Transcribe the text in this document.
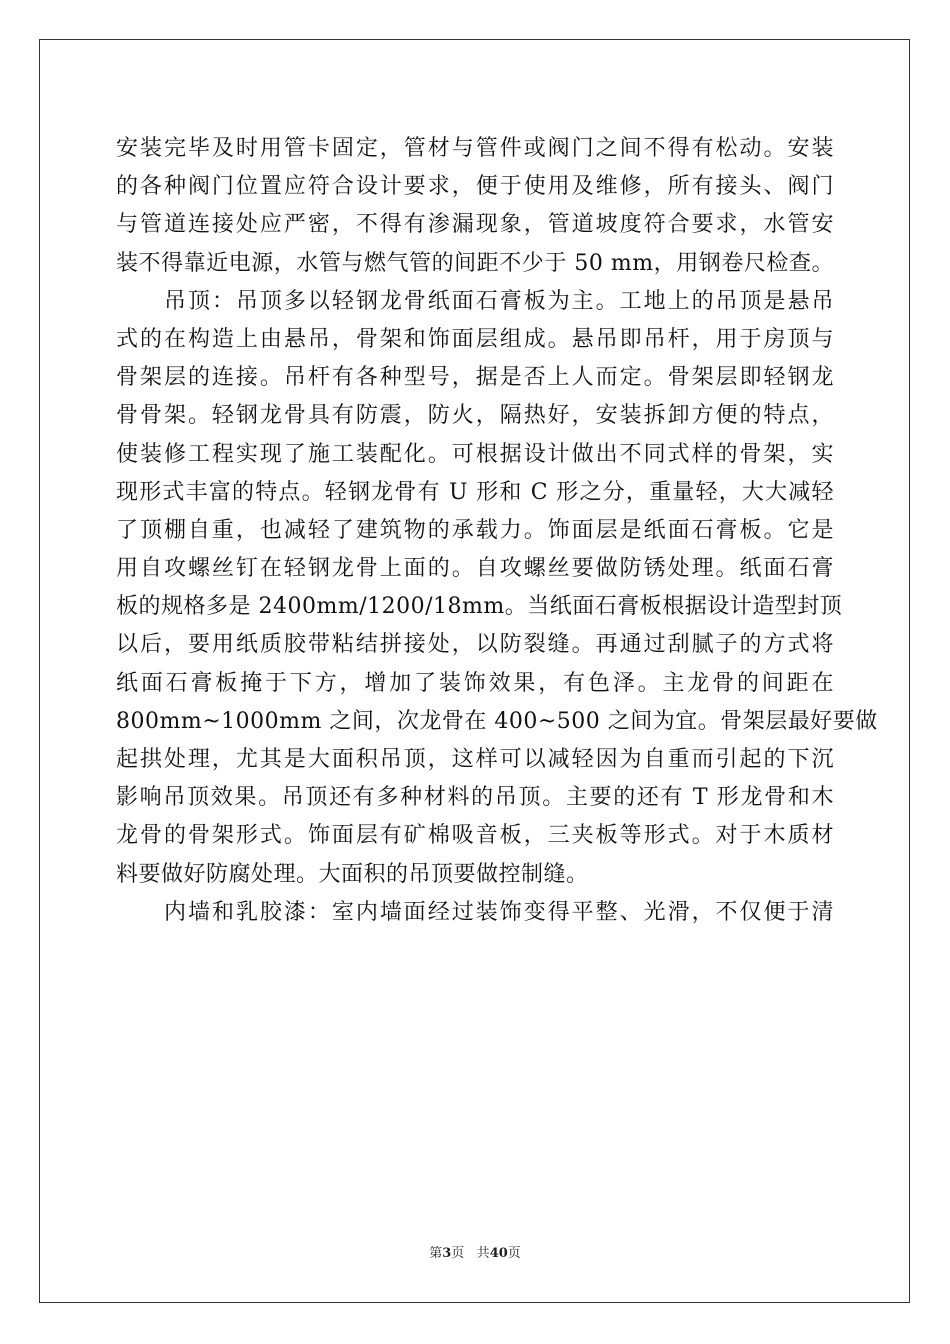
安装完毕及时用管卡固定，管材与管件或阀门之间不得有松动。安装
的各种阀门位置应符合设计要求，便于使用及维修，所有接头、阀门
与管道连接处应严密，不得有渗漏现象，管道坡度符合要求，水管安
装不得靠近电源，水管与燃气管的间距不少于 50 mm，用钢卷尺检查。
吊顶：吊顶多以轻钢龙骨纸面石膏板为主。工地上的吊顶是悬吊
式的在构造上由悬吊，骨架和饰面层组成。悬吊即吊杆，用于房顶与
骨架层的连接。吊杆有各种型号，据是否上人而定。骨架层即轻钢龙
骨骨架。轻钢龙骨具有防震，防火，隔热好，安装拆卸方便的特点，
使装修工程实现了施工装配化。可根据设计做出不同式样的骨架，实
现形式丰富的特点。轻钢龙骨有 U 形和 C 形之分，重量轻，大大减轻
了顶棚自重，也减轻了建筑物的承载力。饰面层是纸面石膏板。它是
用自攻螺丝钉在轻钢龙骨上面的。自攻螺丝要做防锈处理。纸面石膏
板的规格多是 2400mm/1200/18mm。当纸面石膏板根据设计造型封顶
以后，要用纸质胶带粘结拼接处，以防裂缝。再通过刮腻子的方式将
纸面石膏板掩于下方，增加了装饰效果，有色泽。主龙骨的间距在
800mm~1000mm 之间，次龙骨在 400~500 之间为宜。骨架层最好要做
起拱处理，尤其是大面积吊顶，这样可以减轻因为自重而引起的下沉
影响吊顶效果。吊顶还有多种材料的吊顶。主要的还有 T 形龙骨和木
龙骨的骨架形式。饰面层有矿棉吸音板，三夹板等形式。对于木质材
料要做好防腐处理。大面积的吊顶要做控制缝。
内墙和乳胶漆：室内墙面经过装饰变得平整、光滑，不仅便于清
第3页 共40页
